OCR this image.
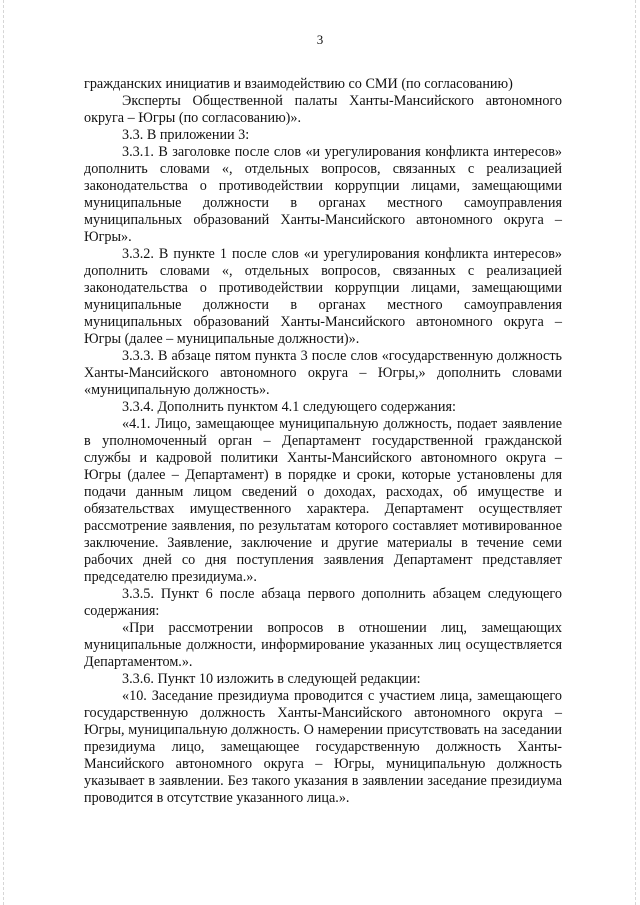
3

гражданских инициатив и взаимодействию со СМИ (по согласованию)

Эксперты Общественной палаты Ханты-Мансийского автономного округа – Югры (по согласованию)».

3.3. В приложении 3:

3.3.1. В заголовке после слов «и урегулирования конфликта интересов» дополнить словами «, отдельных вопросов, связанных с реализацией законодательства о противодействии коррупции лицами, замещающими муниципальные должности в органах местного самоуправления муниципальных образований Ханты-Мансийского автономного округа – Югры».

3.3.2. В пункте 1 после слов «и урегулирования конфликта интересов» дополнить словами «, отдельных вопросов, связанных с реализацией законодательства о противодействии коррупции лицами, замещающими муниципальные должности в органах местного самоуправления муниципальных образований Ханты-Мансийского автономного округа – Югры (далее – муниципальные должности)».

3.3.3. В абзаце пятом пункта 3 после слов «государственную должность Ханты-Мансийского автономного округа – Югры,» дополнить словами «муниципальную должность».

3.3.4. Дополнить пунктом 4.1 следующего содержания:

«4.1. Лицо, замещающее муниципальную должность, подает заявление в уполномоченный орган – Департамент государственной гражданской службы и кадровой политики Ханты-Мансийского автономного округа – Югры (далее – Департамент) в порядке и сроки, которые установлены для подачи данным лицом сведений о доходах, расходах, об имуществе и обязательствах имущественного характера. Департамент осуществляет рассмотрение заявления, по результатам которого составляет мотивированное заключение. Заявление, заключение и другие материалы в течение семи рабочих дней со дня поступления заявления Департамент представляет председателю президиума.».

3.3.5. Пункт 6 после абзаца первого дополнить абзацем следующего содержания:

«При рассмотрении вопросов в отношении лиц, замещающих муниципальные должности, информирование указанных лиц осуществляется Департаментом.».

3.3.6. Пункт 10 изложить в следующей редакции:

«10. Заседание президиума проводится с участием лица, замещающего государственную должность Ханты-Мансийского автономного округа – Югры, муниципальную должность. О намерении присутствовать на заседании президиума лицо, замещающее государственную должность Ханты-Мансийского автономного округа – Югры, муниципальную должность указывает в заявлении. Без такого указания в заявлении заседание президиума проводится в отсутствие указанного лица.».
